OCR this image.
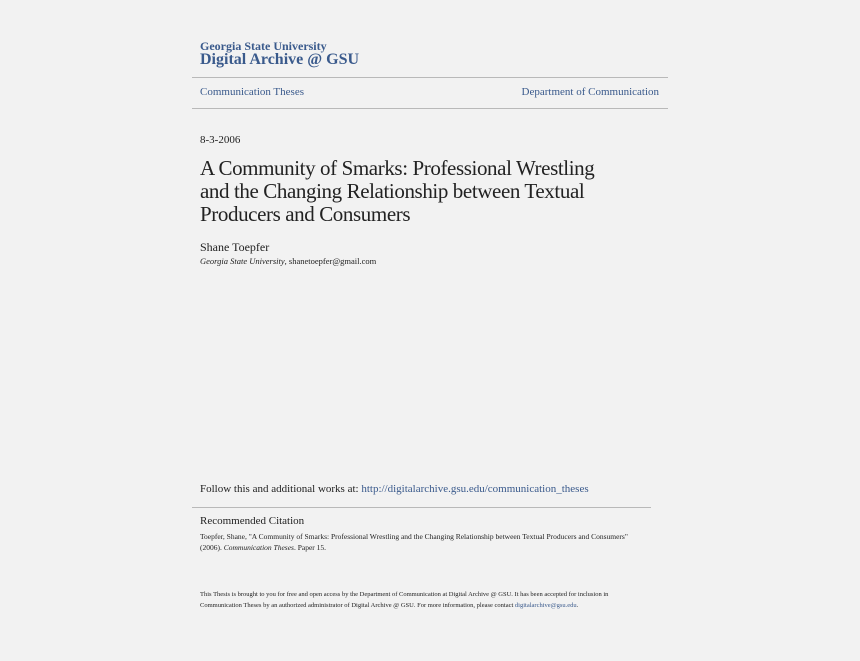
Georgia State University
Digital Archive @ GSU
Communication Theses	Department of Communication
8-3-2006
A Community of Smarks: Professional Wrestling
and the Changing Relationship between Textual
Producers and Consumers
Shane Toepfer
Georgia State University, shanetoepfer@gmail.com
Follow this and additional works at: http://digitalarchive.gsu.edu/communication_theses
Recommended Citation
Toepfer, Shane, "A Community of Smarks: Professional Wrestling and the Changing Relationship between Textual Producers and Consumers" (2006). Communication Theses. Paper 15.
This Thesis is brought to you for free and open access by the Department of Communication at Digital Archive @ GSU. It has been accepted for inclusion in Communication Theses by an authorized administrator of Digital Archive @ GSU. For more information, please contact digitalarchive@gsu.edu.
